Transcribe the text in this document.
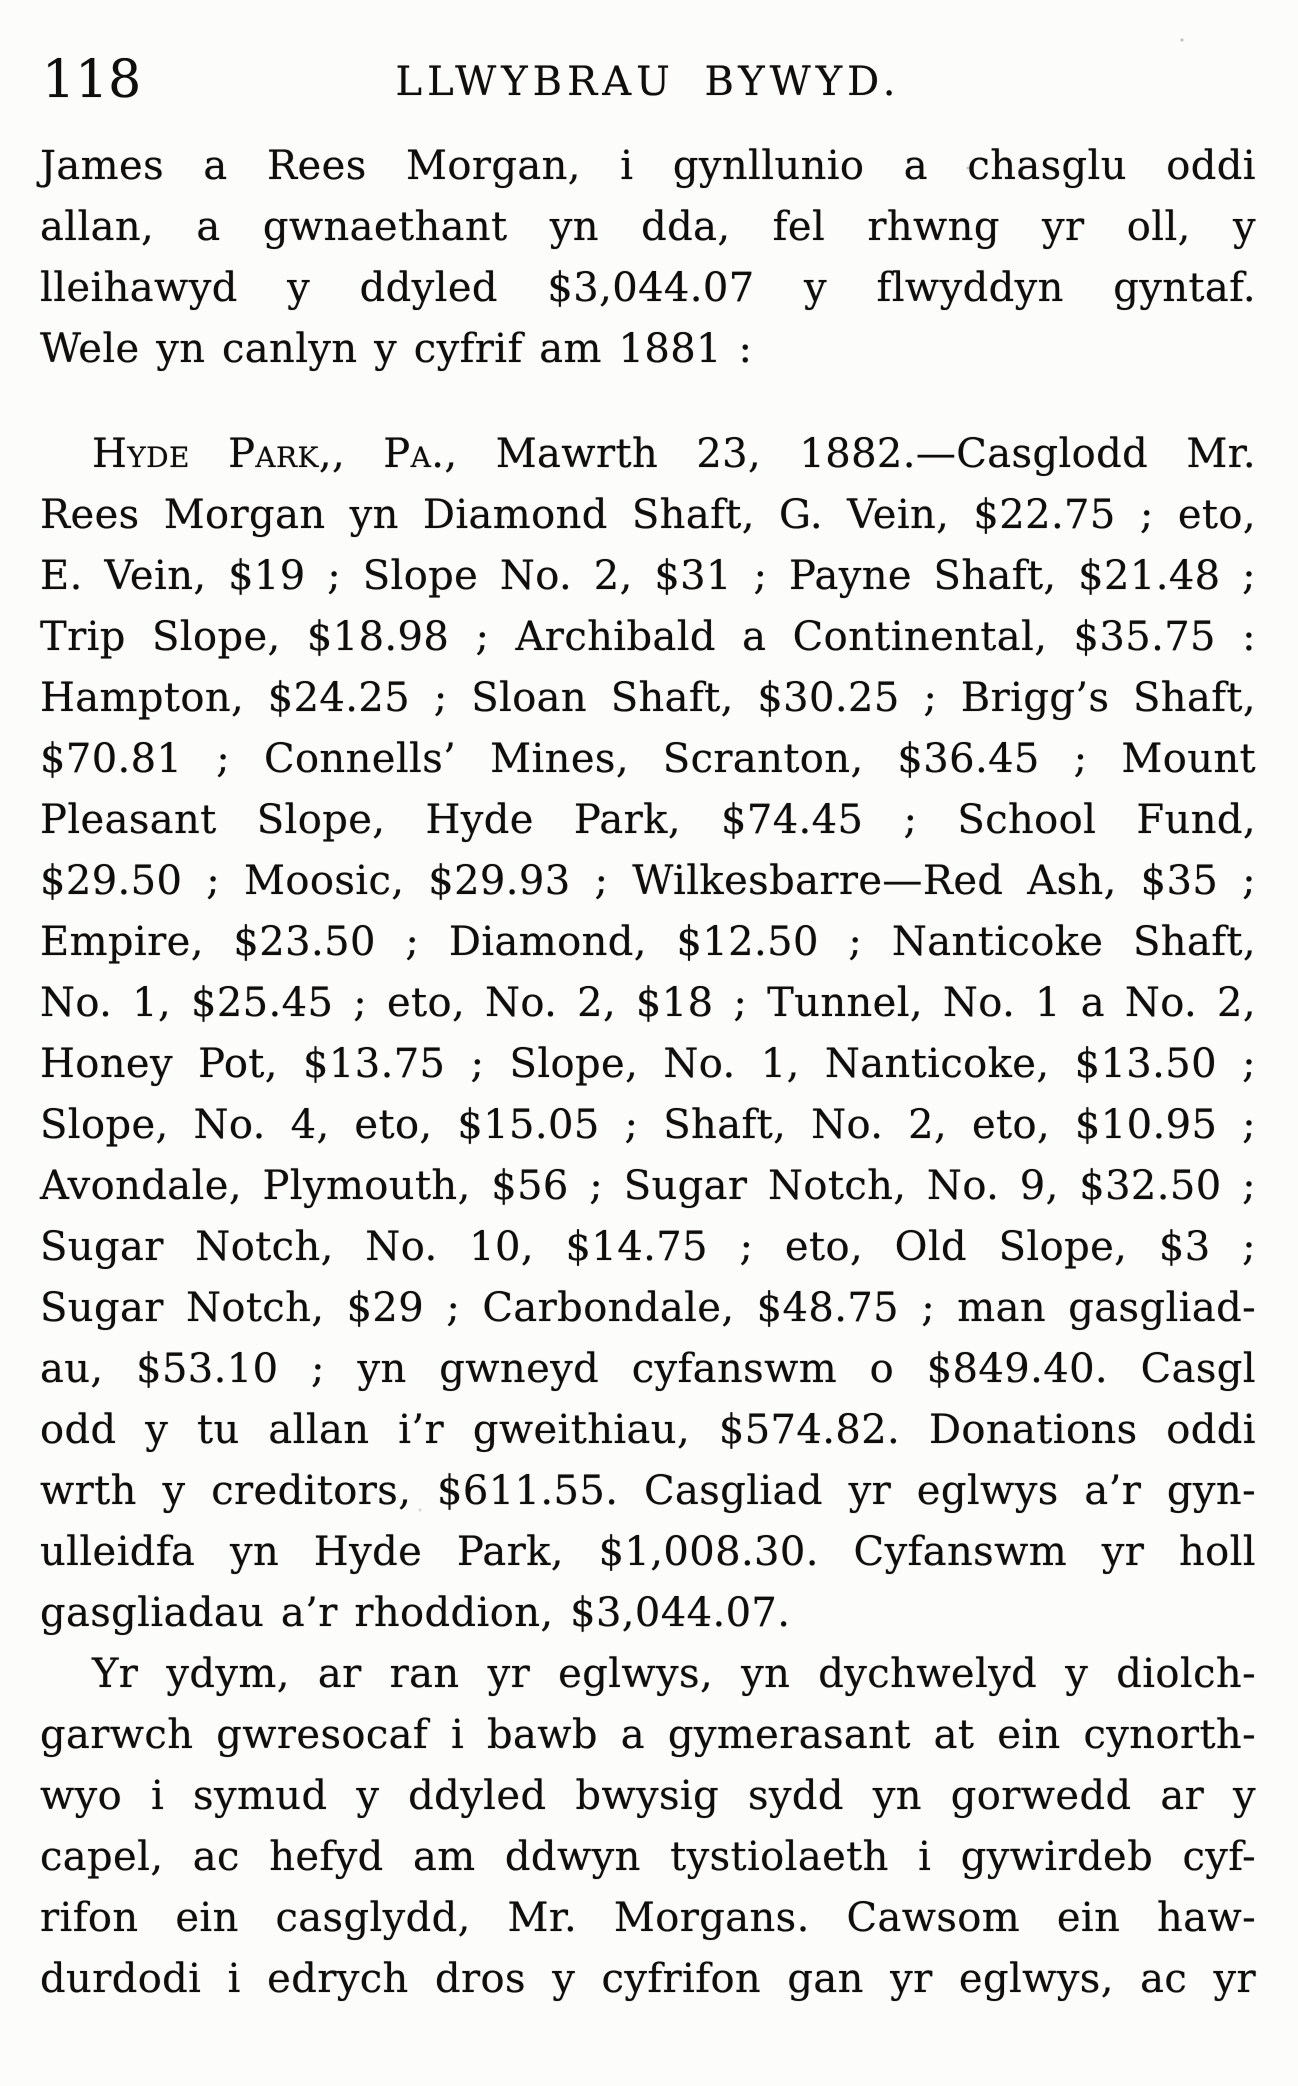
118	LLWYBRAU BYWYD.
James a Rees Morgan, i gynllunio a chasglu oddi
allan, a gwnaethant yn dda, fel rhwng yr oll, y
lleihawyd y ddyled $3,044.07 y flwyddyn gyntaf.
Wele yn canlyn y cyfrif am 1881 :
Hyde Park,, Pa., Mawrth 23, 1882.—Casglodd Mr.
Rees Morgan yn Diamond Shaft, G. Vein, $22.75 ; eto,
E. Vein, $19 ; Slope No. 2, $31 ; Payne Shaft, $21.48 ;
Trip Slope, $18.98 ; Archibald a Continental, $35.75 :
Hampton, $24.25 ; Sloan Shaft, $30.25 ; Brigg’s Shaft,
$70.81 ; Connells’ Mines, Scranton, $36.45 ; Mount
Pleasant Slope, Hyde Park, $74.45 ; School Fund,
$29.50 ; Moosic, $29.93 ; Wilkesbarre—Red Ash, $35 ;
Empire, $23.50 ; Diamond, $12.50 ; Nanticoke Shaft,
No. 1, $25.45 ; eto, No. 2, $18 ; Tunnel, No. 1 a No. 2,
Honey Pot, $13.75 ; Slope, No. 1, Nanticoke, $13.50 ;
Slope, No. 4, eto, $15.05 ; Shaft, No. 2, eto, $10.95 ;
Avondale, Plymouth, $56 ; Sugar Notch, No. 9, $32.50 ;
Sugar Notch, No. 10, $14.75 ; eto, Old Slope, $3 ;
Sugar Notch, $29 ; Carbondale, $48.75 ; man gasgliad-
au, $53.10 ; yn gwneyd cyfanswm o $849.40. Casgl
odd y tu allan i’r gweithiau, $574.82. Donations oddi
wrth y creditors, $611.55. Casgliad yr eglwys a’r gyn-
ulleidfa yn Hyde Park, $1,008.30. Cyfanswm yr holl
gasgliadau a’r rhoddion, $3,044.07.
Yr ydym, ar ran yr eglwys, yn dychwelyd y diolch-
garwch gwresocaf i bawb a gymerasant at ein cynorth-
wyo i symud y ddyled bwysig sydd yn gorwedd ar y
capel, ac hefyd am ddwyn tystiolaeth i gywirdeb cyf-
rifon ein casglydd, Mr. Morgans. Cawsom ein haw-
durdodi i edrych dros y cyfrifon gan yr eglwys, ac yr
